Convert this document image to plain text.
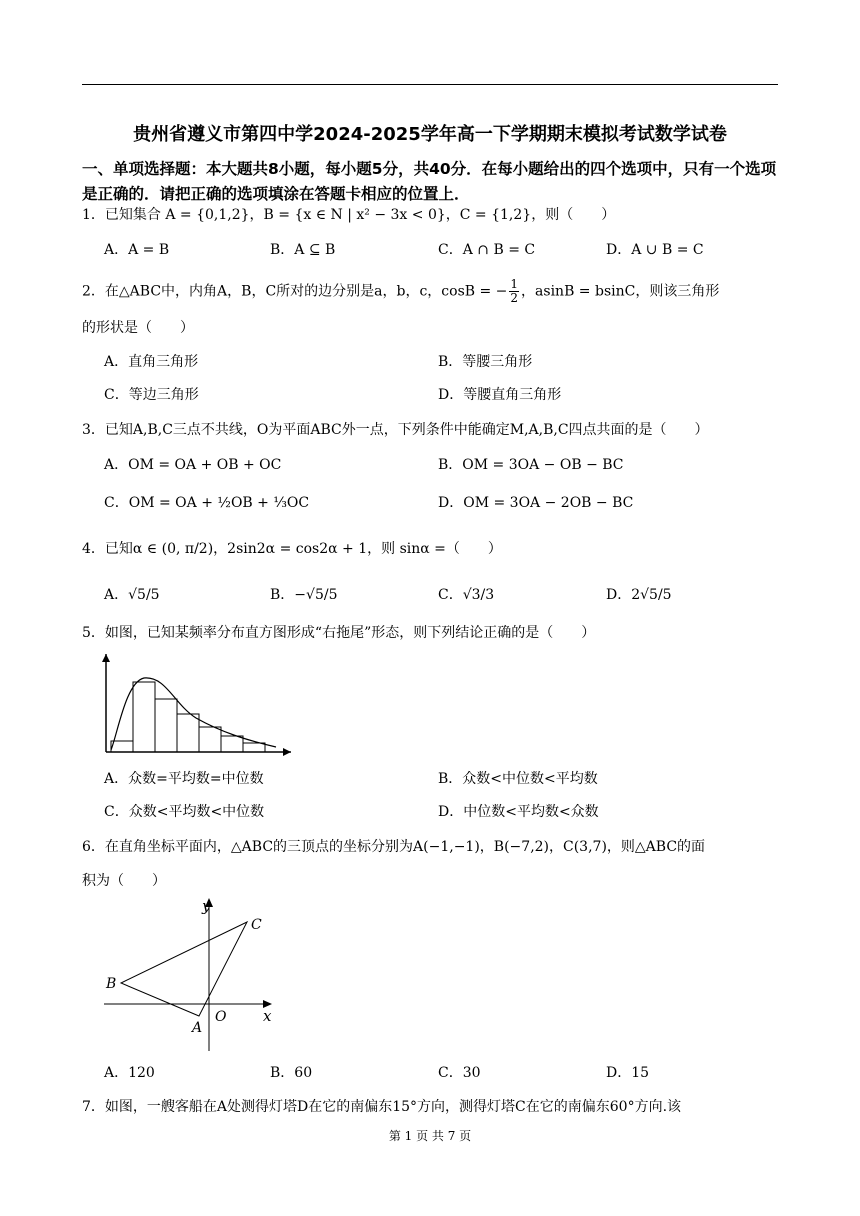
贵州省遵义市第四中学2024-2025学年高一下学期期末模拟考试数学试卷
一、单项选择题：本大题共8小题，每小题5分，共40分．在每小题给出的四个选项中，只有一个选项是正确的．请把正确的选项填涂在答题卡相应的位置上．
1．已知集合 A = {0,1,2}，B = {x ∈ N | x² − 3x < 0}，C = {1,2}，则（　　）
A．A = B	B．A ⊆ B	C．A ∩ B = C	D．A ∪ B = C
2．在△ABC中，内角A，B，C所对的边分别是a，b，c，cosB = − $\frac{1}{2}$ ，asinB = bsinC，则该三角形
的形状是（　　）
A．直角三角形	B．等腰三角形
C．等边三角形	D．等腰直角三角形
3．已知A,B,C三点不共线，O为平面ABC外一点，下列条件中能确定M,A,B,C四点共面的是（　　）
A．OM = OA + OB + OC	B．OM = 3OA − OB − BC
C．OM = OA + ½OB + ⅓OC	D．OM = 3OA − 2OB − BC
4．已知α ∈ (0, π/2)，2sin2α = cos2α + 1，则 sinα =（　　）
A．√5/5	B．−√5/5	C．√3/3	D．2√5/5
5．如图，已知某频率分布直方图形成“右拖尾”形态，则下列结论正确的是（　　）
A．众数=平均数=中位数	B．众数<中位数<平均数
C．众数<平均数<中位数	D．中位数<平均数<众数
6．在直角坐标平面内，△ABC的三顶点的坐标分别为A(−1,−1)，B(−7,2)，C(3,7)，则△ABC的面
积为（　　）
y
x
O
A
B
C
A．120	B．60	C．30	D．15
7．如图，一艘客船在A处测得灯塔D在它的南偏东15°方向，测得灯塔C在它的南偏东60°方向.该
第 1 页 共 7 页
